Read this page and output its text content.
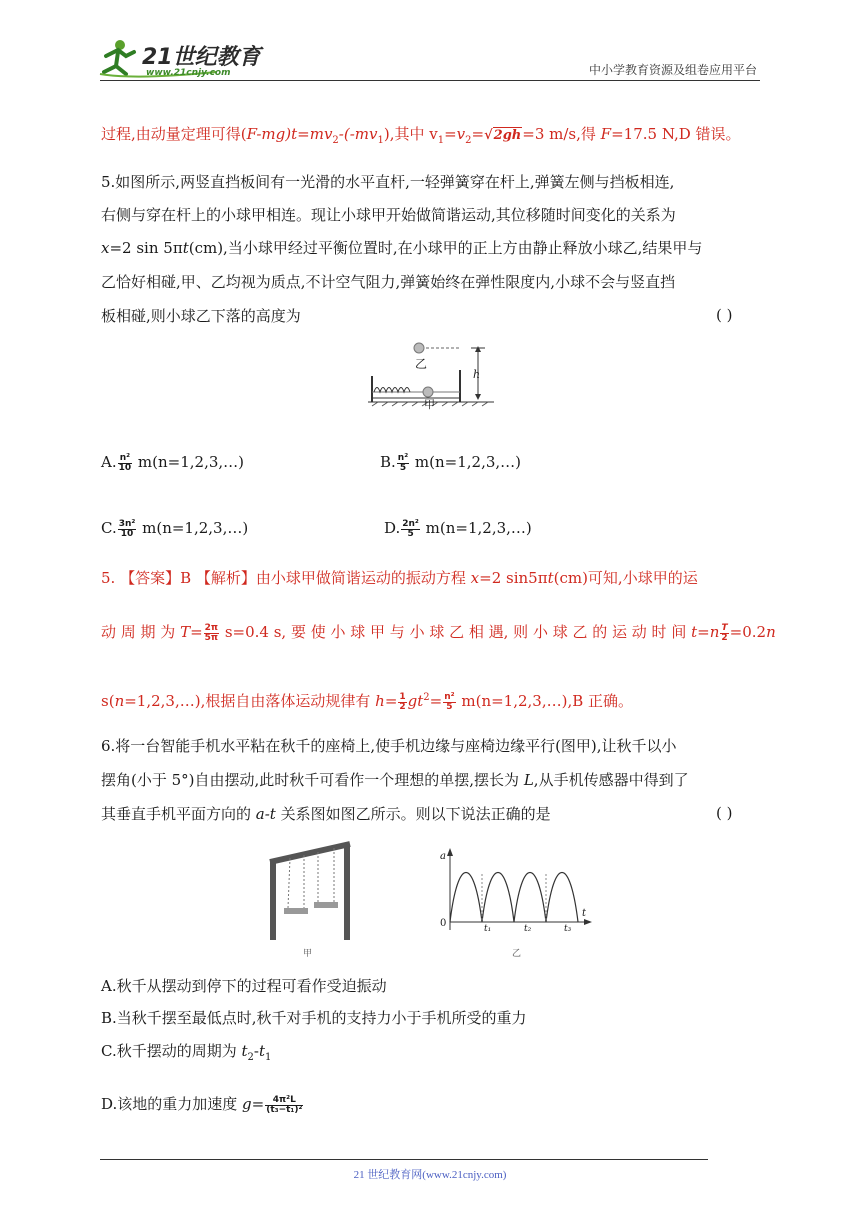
21世纪教育
www.21cnjy.com	中小学教育资源及组卷应用平台
过程,由动量定理可得$(F-mg)t=mv_2-(-mv_1)$,其中 $v_1=v_2=√2gh=3$ m/s,得 F=17.5 N,D 错误。
5.如图所示,两竖直挡板间有一光滑的水平直杆,一轻弹簧穿在杆上,弹簧左侧与挡板相连,
右侧与穿在杆上的小球甲相连。现让小球甲开始做简谐运动,其位移随时间变化的关系为
x=2 sin 5πt(cm),当小球甲经过平衡位置时,在小球甲的正上方由静止释放小球乙,结果甲与
乙恰好相碰,甲、乙均视为质点,不计空气阻力,弹簧始终在弹性限度内,小球不会与竖直挡
板相碰,则小球乙下落的高度为	( )
乙
甲
h
A. $\frac{\text{n²}}{10}$ m(n=1,2,3,…)	B. $\frac{\text{n²}}{5}$ m(n=1,2,3,…)
C. $\frac{\text{3n²}}{10}$ m(n=1,2,3,…)	D. $\frac{\text{2n²}}{5}$ m(n=1,2,3,…)
5. 【答案】B 【解析】由小球甲做简谐运动的振动方程 x=2 sin5πt(cm)可知,小球甲的运
动 周 期 为 $T= \frac{2\pi}{5\pi} s=0.4$ s, 要 使 小 球 甲 与 小 球 乙 相 遇, 则 小 球 乙 的 运 动 时 间 $t=n \frac{T}{2} =0.2n$
s(n=1,2,3,…),根据自由落体运动规律有 $h= \frac{1}{2} gt^2= \frac{\text{n²}}{5}$ m(n=1,2,3,…),B 正确。
6.将一台智能手机水平粘在秋千的座椅上,使手机边缘与座椅边缘平行(图甲),让秋千以小
摆角(小于 5°)自由摆动,此时秋千可看作一个理想的单摆,摆长为 L,从手机传感器中得到了
其垂直手机平面方向的 a-t 关系图如图乙所示。则以下说法正确的是	( )
甲
a
t
0	t₁	t₂	t₃
乙
A.秋千从摆动到停下的过程可看作受迫振动
B.当秋千摆至最低点时,秋千对手机的支持力小于手机所受的重力
C.秋千摆动的周期为 $t_2-t_1$
D.该地的重力加速度 $g= \frac{\text{4π²L}}{\text{(t₃−t₁)²}}$
21 世纪教育网(www.21cnjy.com)
